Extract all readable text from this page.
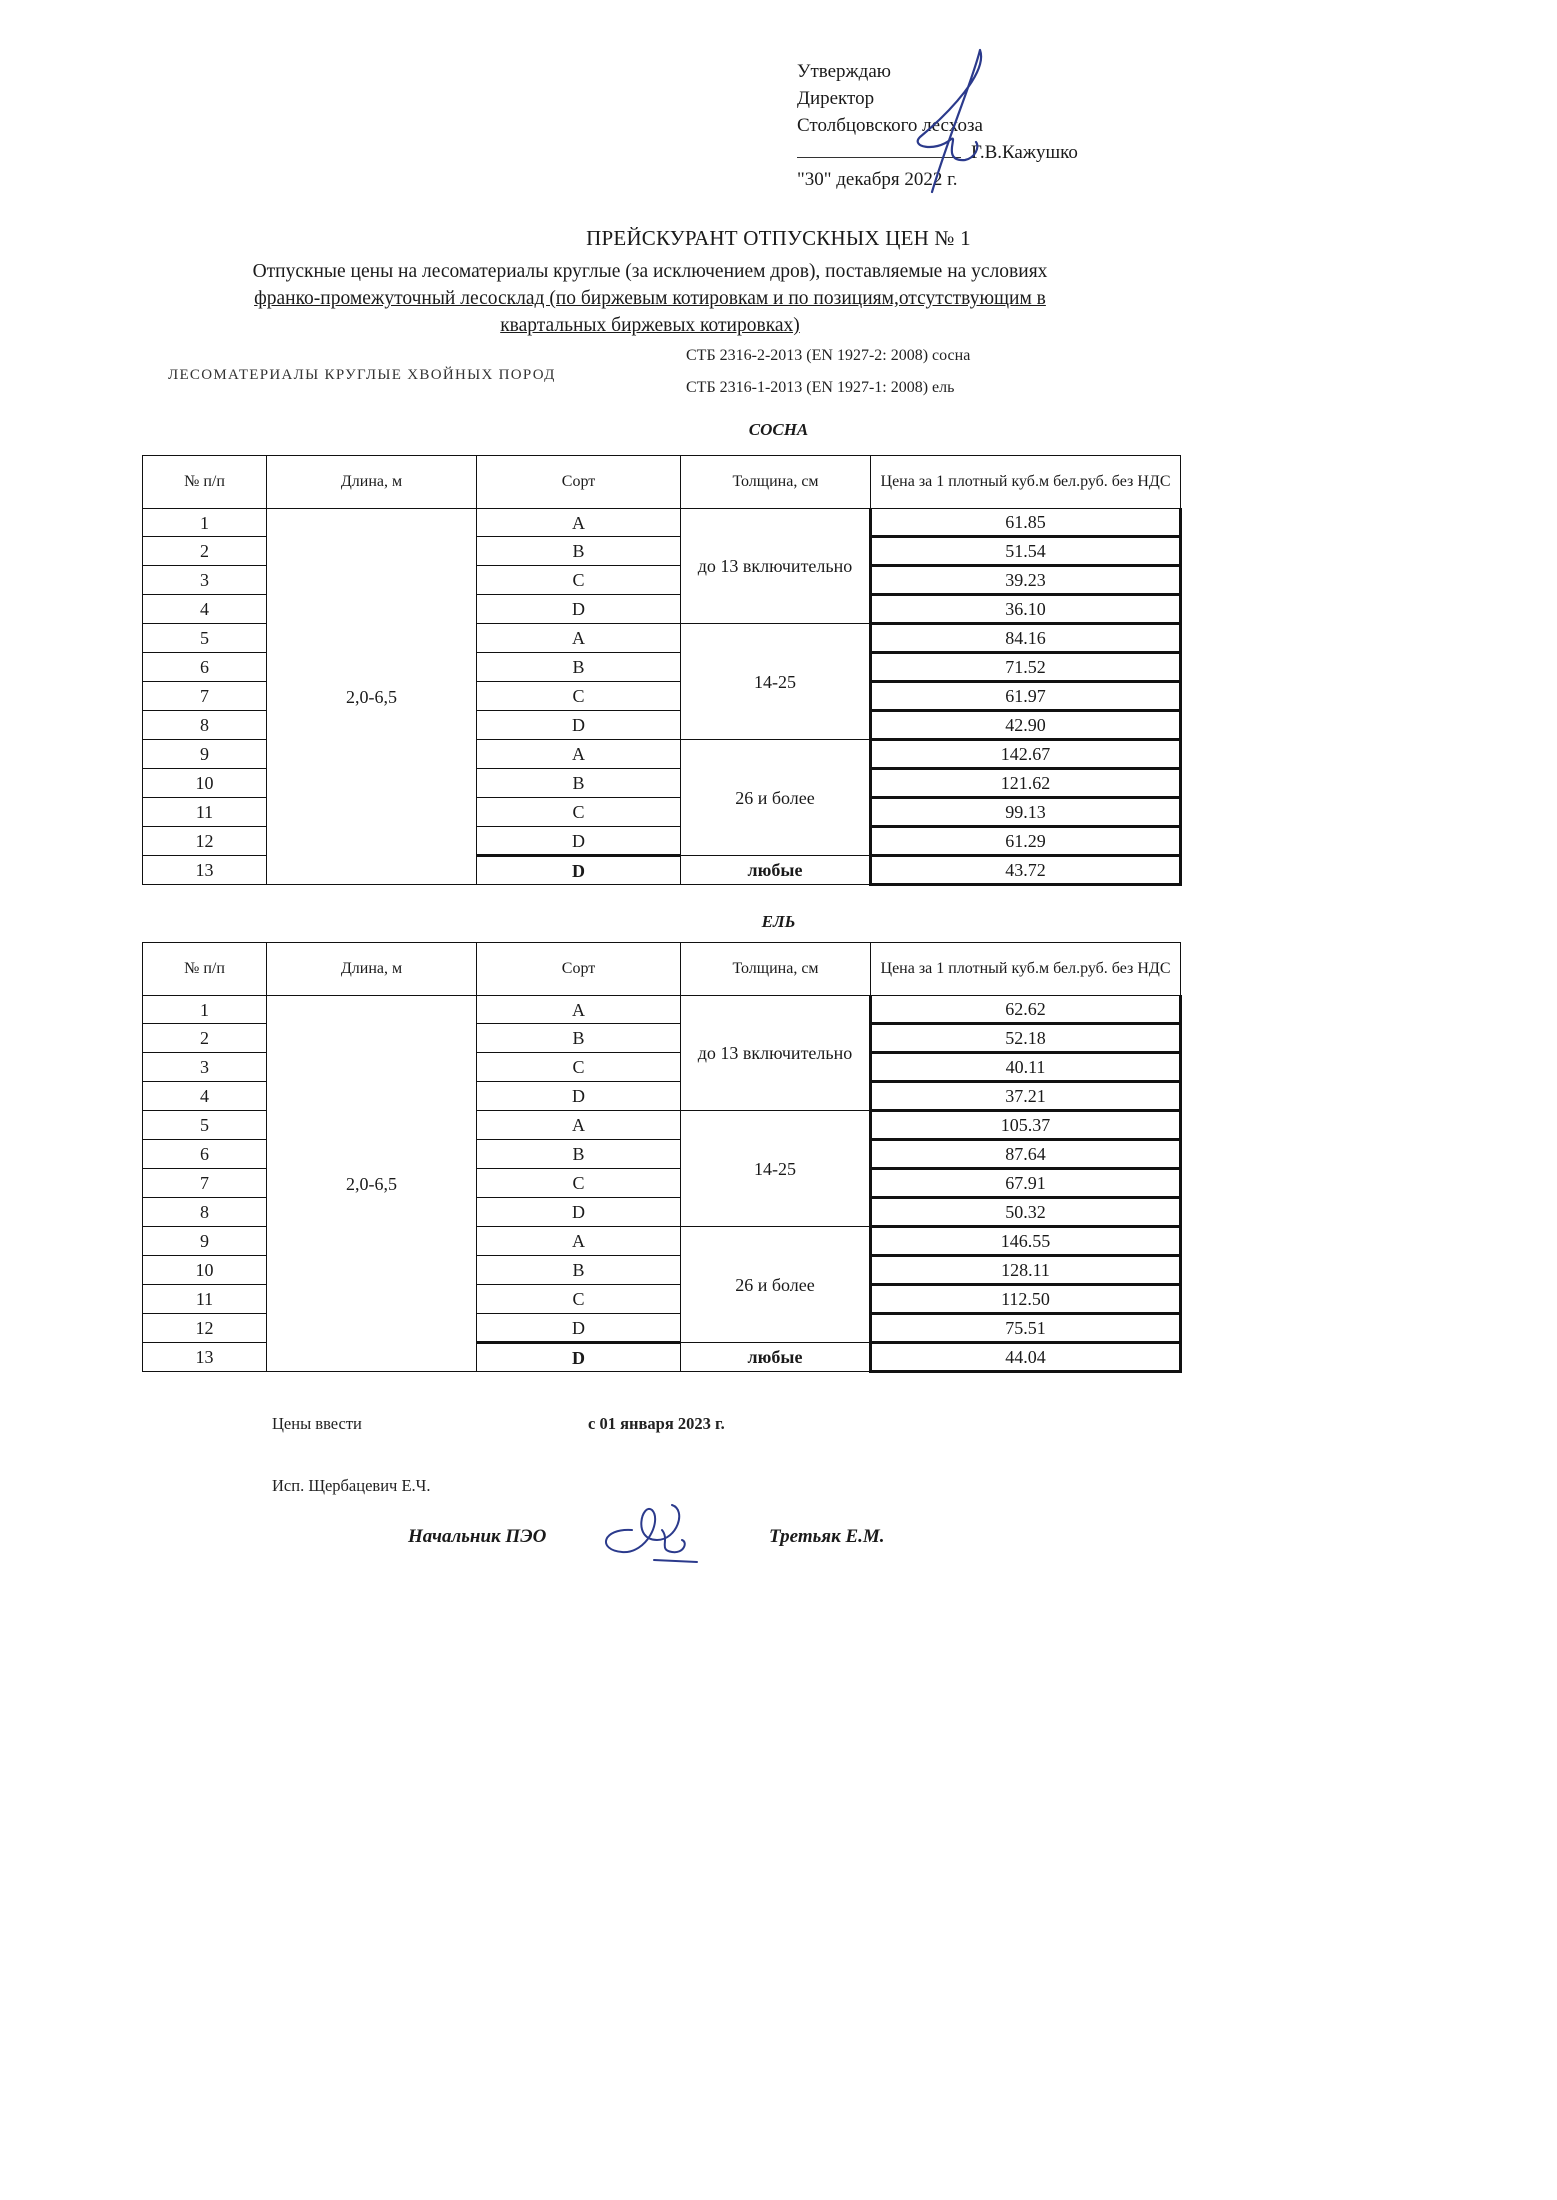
Утверждаю
Директор
Столбцовского лесхоза
Г.В.Кажушко
"30" декабря 2022 г.
ПРЕЙСКУРАНТ ОТПУСКНЫХ ЦЕН № 1
Отпускные цены на лесоматериалы круглые (за исключением дров), поставляемые на условиях
франко-промежуточный лесосклад (по биржевым котировкам и по позициям,отсутствующим в
квартальных биржевых котировках)
ЛЕСОМАТЕРИАЛЫ КРУГЛЫЕ ХВОЙНЫХ ПОРОД
СТБ 2316-2-2013 (EN 1927-2: 2008) сосна
СТБ 2316-1-2013 (EN 1927-1: 2008) ель
СОСНА
№ п/п	Длина, м	Сорт	Толщина, см	Цена за 1 плотный куб.м бел.руб. без НДС
1	2,0-6,5	A	до 13 включительно	61.85
2		B		51.54
3		C		39.23
4		D		36.10
5		A	14-25	84.16
6		B		71.52
7		C		61.97
8		D		42.90
9		A	26 и более	142.67
10		B		121.62
11		C		99.13
12		D		61.29
13		D	любые	43.72
ЕЛЬ
№ п/п	Длина, м	Сорт	Толщина, см	Цена за 1 плотный куб.м бел.руб. без НДС
1	2,0-6,5	A	до 13 включительно	62.62
2		B		52.18
3		C		40.11
4		D		37.21
5		A	14-25	105.37
6		B		87.64
7		C		67.91
8		D		50.32
9		A	26 и более	146.55
10		B		128.11
11		C		112.50
12		D		75.51
13		D	любые	44.04
Цены ввести	с 01 января 2023 г.
Исп. Щербацевич Е.Ч.
Начальник ПЭО	Третьяк Е.М.
